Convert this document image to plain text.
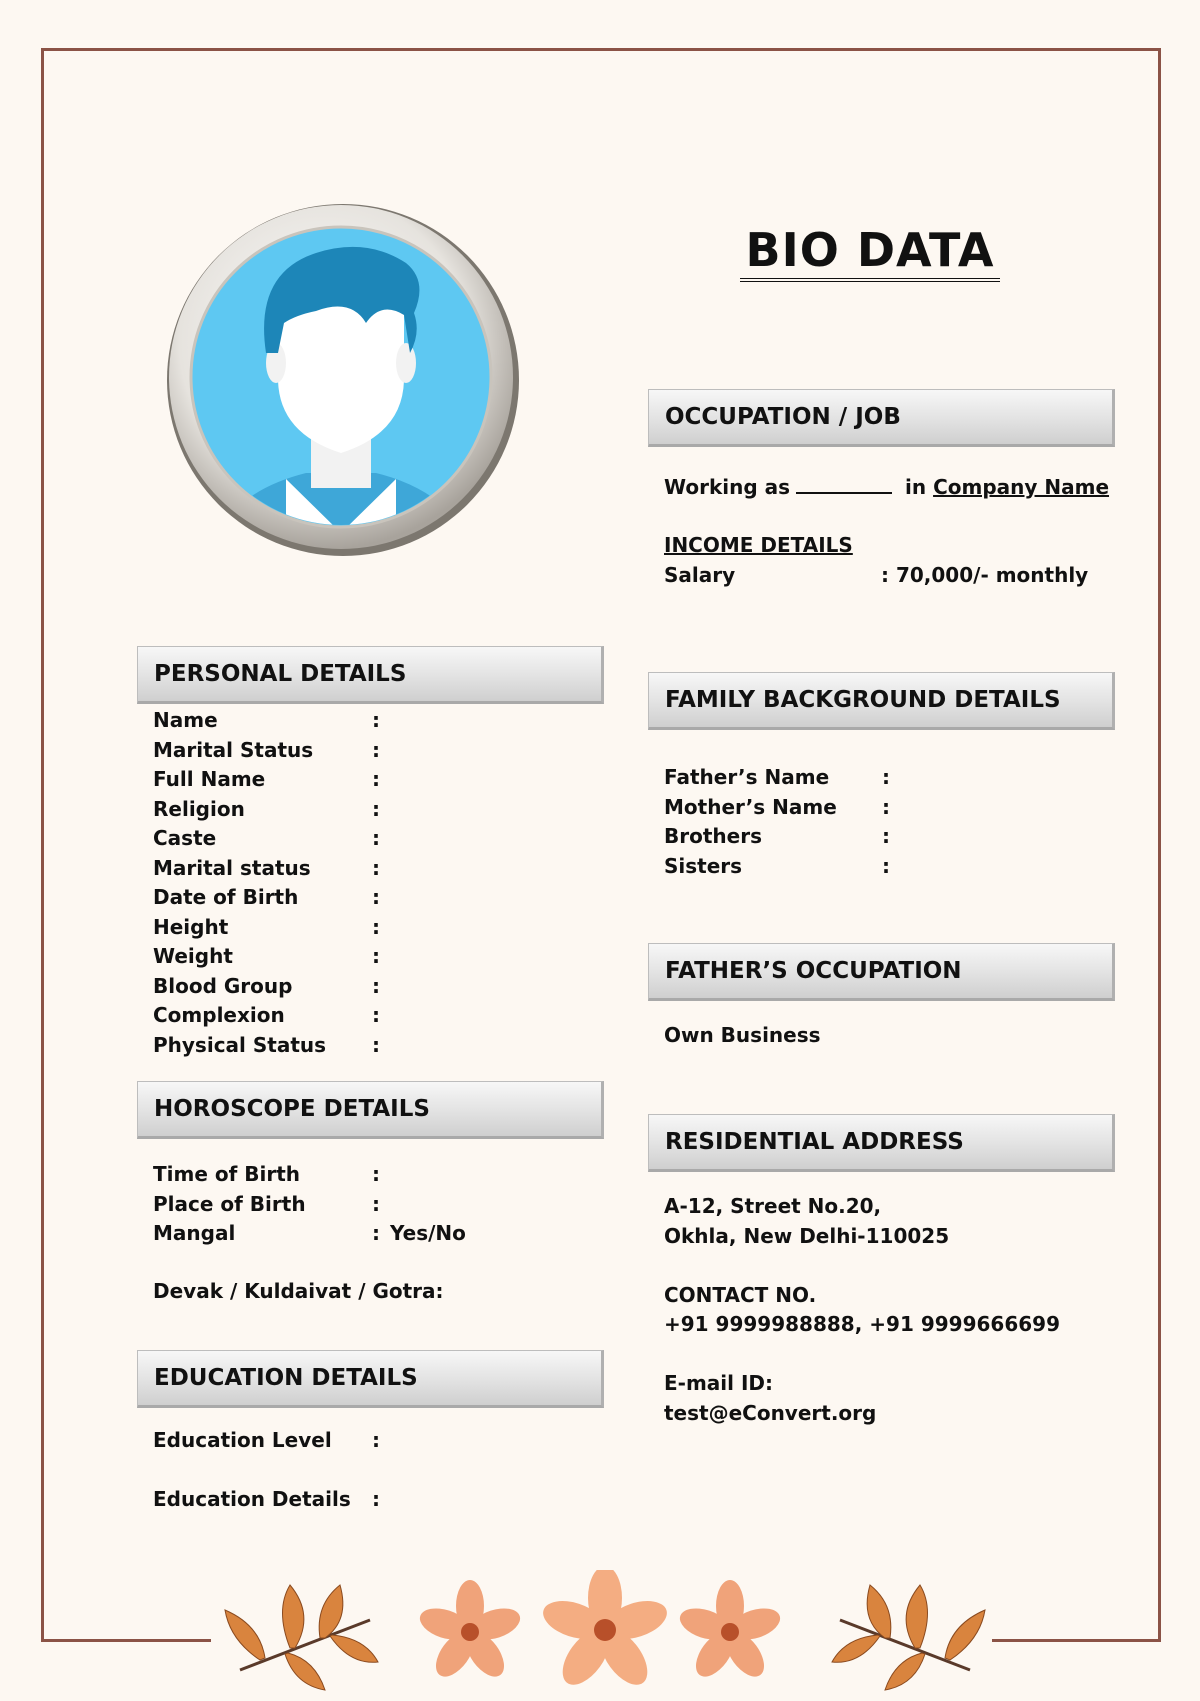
BIO DATA
OCCUPATION / JOB
Working as	in Company Name
INCOME DETAILS
Salary	: 70,000/- monthly
PERSONAL DETAILS
Name	:
Marital Status	:
Full Name	:
Religion	:
Caste	:
Marital status	:
Date of Birth	:
Height	:
Weight	:
Blood Group	:
Complexion	:
Physical Status :
HOROSCOPE DETAILS
Time of Birth	:
Place of Birth	:
Mangal	: Yes/No
Devak / Kuldaivat / Gotra:
EDUCATION DETAILS
Education Level :
Education Details :
FAMILY BACKGROUND DETAILS
Father’s Name	:
Mother’s Name :
Brothers	:
Sisters	:
FATHER’S OCCUPATION
Own Business
RESIDENTIAL ADDRESS
A-12, Street No.20,
Okhla, New Delhi-110025
CONTACT NO.
+91 9999988888, +91 9999666699
E-mail ID:
test@eConvert.org
